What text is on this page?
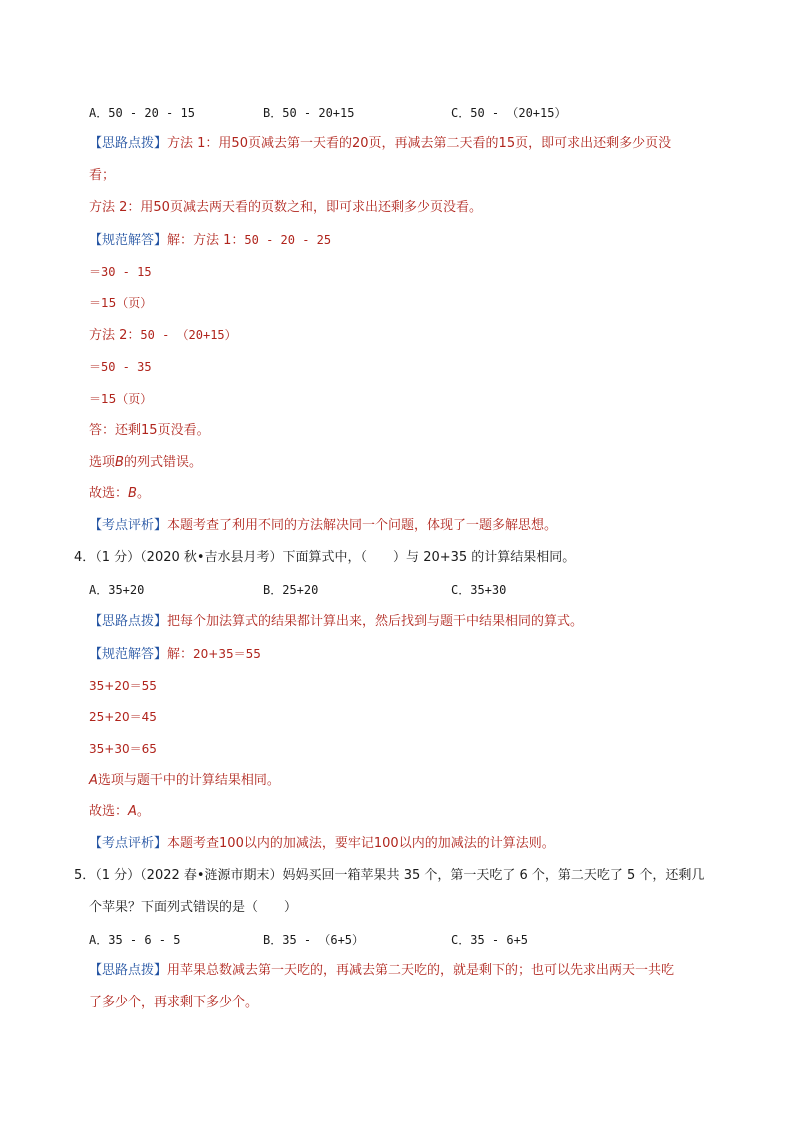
A．50 - 20 - 15	B．50 - 20+15	C．50 - （20+15）
【思路点拨】方法 1：用50页减去第一天看的20页，再减去第二天看的15页，即可求出还剩多少页没
看；
方法 2：用50页减去两天看的页数之和，即可求出还剩多少页没看。
【规范解答】解：方法 1：50 - 20 - 25
＝30 - 15
＝15（页）
方法 2：50 - （20+15）
＝50 - 35
＝15（页）
答：还剩15页没看。
选项B的列式错误。
故选：B。
【考点评析】本题考查了利用不同的方法解决同一个问题，体现了一题多解思想。
4．（1 分）（2020 秋•吉水县月考）下面算式中，（　　）与 20+35 的计算结果相同。
A．35+20	B．25+20	C．35+30
【思路点拨】把每个加法算式的结果都计算出来，然后找到与题干中结果相同的算式。
【规范解答】解：20+35＝55
35+20＝55
25+20＝45
35+30＝65
A选项与题干中的计算结果相同。
故选：A。
【考点评析】本题考查100以内的加减法，要牢记100以内的加减法的计算法则。
5．（1 分）（2022 春•涟源市期末）妈妈买回一箱苹果共 35 个，第一天吃了 6 个，第二天吃了 5 个，还剩几
个苹果？下面列式错误的是（　　）
A．35 - 6 - 5	B．35 - （6+5）	C．35 - 6+5
【思路点拨】用苹果总数减去第一天吃的，再减去第二天吃的，就是剩下的；也可以先求出两天一共吃
了多少个，再求剩下多少个。
